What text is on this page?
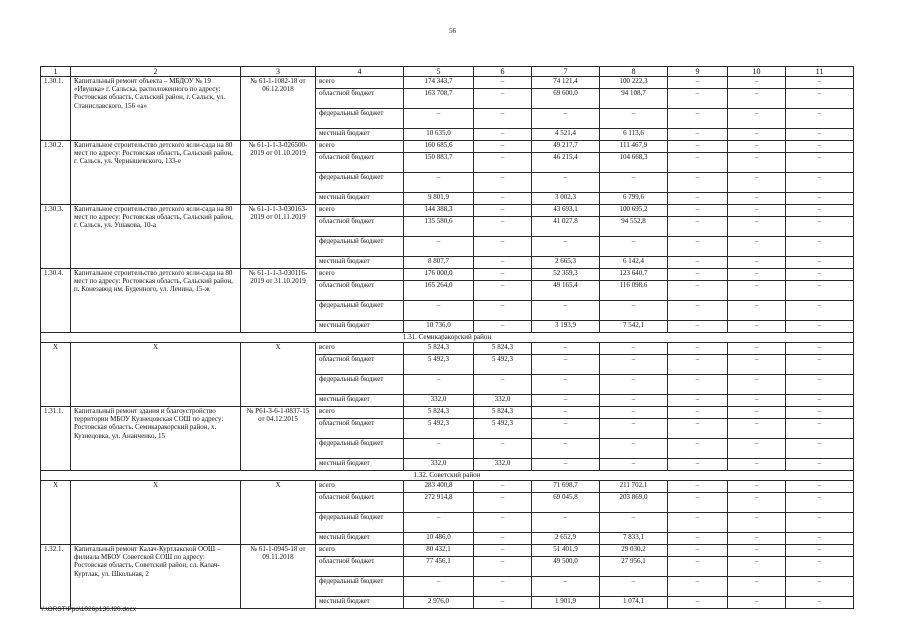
56
1	2	3	4	5	6	7	8	9	10	11
1.30.1.	Капитальный ремонт объекта – МБДОУ № 19 «Ивушка» г. Сальска, расположенного по адресу: Ростовская область, Сальский район, г. Сальск, ул. Станиславского, 156 «а»	№ 61-1-1082-18 от 06.12.2018	всего	174 343,7	–	74 121,4	100 222,3	–	–	–
			областной бюджет	163 708,7	–	69 600,0	94 108,7	–	–	–
			федеральный бюджет	–	–	–	–	–	–	–
			местный бюджет	10 635,0	–	4 521,4	6 113,6	–	–	–
1.30.2.	Капитальное строительство детского ясли-сада на 80 мест по адресу: Ростовская область, Сальский район, г. Сальск, ул. Чернышевского, 133-е	№ 61-1-1-3-026500-2019 от 01.10.2019	всего	160 685,6	–	49 217,7	111 467,9	–	–	–
			областной бюджет	150 883,7	–	46 215,4	104 668,3	–	–	–
			федеральный бюджет	–	–	–	–	–	–	–
			местный бюджет	9 801,9	–	3 002,3	6 799,6	–	–	–
1.30.3.	Капитальное строительство детского ясли-сада на 80 мест по адресу: Ростовская область, Сальский район, г. Сальск, ул. Ушакова, 10-а	№ 61-1-1-3-030163-2019 от 01.11.2019	всего	144 388,3	–	43 693,1	100 695,2	–	–	–
			областной бюджет	135 580,6	–	41 027,8	94 552,8	–	–	–
			федеральный бюджет	–	–	–	–	–	–	–
			местный бюджет	8 807,7	–	2 665,3	6 142,4	–	–	–
1.30.4.	Капитальное строительство детского ясли-сада на 80 мест по адресу: Ростовская область, Сальский район, п. Конезавод им. Буденного, ул. Ленина, 15-ж	№ 61-1-1-3-030116-2019 от 31.10.2019	всего	176 000,0	–	52 359,3	123 640,7	–	–	–
			областной бюджет	165 264,0	–	49 165,4	116 098,6	–	–	–
			федеральный бюджет	–	–	–	–	–	–	–
			местный бюджет	10 736,0	–	3 193,9	7 542,1	–	–	–
1.31. Семикаракорский район										
Х	Х	Х	всего	5 824,3	5 824,3	–	–	–	–	–
			областной бюджет	5 492,3	5 492,3	–	–	–	–	–
			федеральный бюджет	–	–	–	–	–	–	–
			местный бюджет	332,0	332,0	–	–	–	–	–
1.31.1.	Капитальный ремонт здания и благоустройство территории МБОУ Кузнецовская СОШ по адресу: Ростовская область, Семикаракорский район, х. Кузнецовка, ул. Ананченко, 15	№ Р61-3-6-1-0837-15 от 04.12.2015	всего	5 824,3	5 824,3	–	–	–	–	–
			областной бюджет	5 492,3	5 492,3	–	–	–	–	–
			федеральный бюджет	–	–	–	–	–	–	–
			местный бюджет	332,0	332,0	–	–	–	–	–
1.32. Советский район										
Х	Х	Х	всего	283 400,8	–	71 698,7	211 702,1	–	–	–
			областной бюджет	272 914,8	–	69 045,8	203 869,0	–	–	–
			федеральный бюджет	–	–	–	–	–	–	–
			местный бюджет	10 486,0	–	2 652,9	7 833,1	–	–	–
1.32.1.	Капитальный ремонт Калач-Куртлакской ООШ – филиала МБОУ Советской СОШ по адресу: Ростовская область, Советский район, сл. Калач-Куртлак, ул. Школьная, 2	№ 61-1-0945-18 от 09.11.2018	всего	80 432,1	–	51 401,9	29 030,2	–	–	–
			областной бюджет	77 456,1	–	49 500,0	27 956,1	–	–	–
			федеральный бюджет	–	–	–	–	–	–	–
			местный бюджет	2 976,0	–	1 901,9	1 074,1	–	–	–
Y:\ORST\Ppo\1026p136.f20.docx
